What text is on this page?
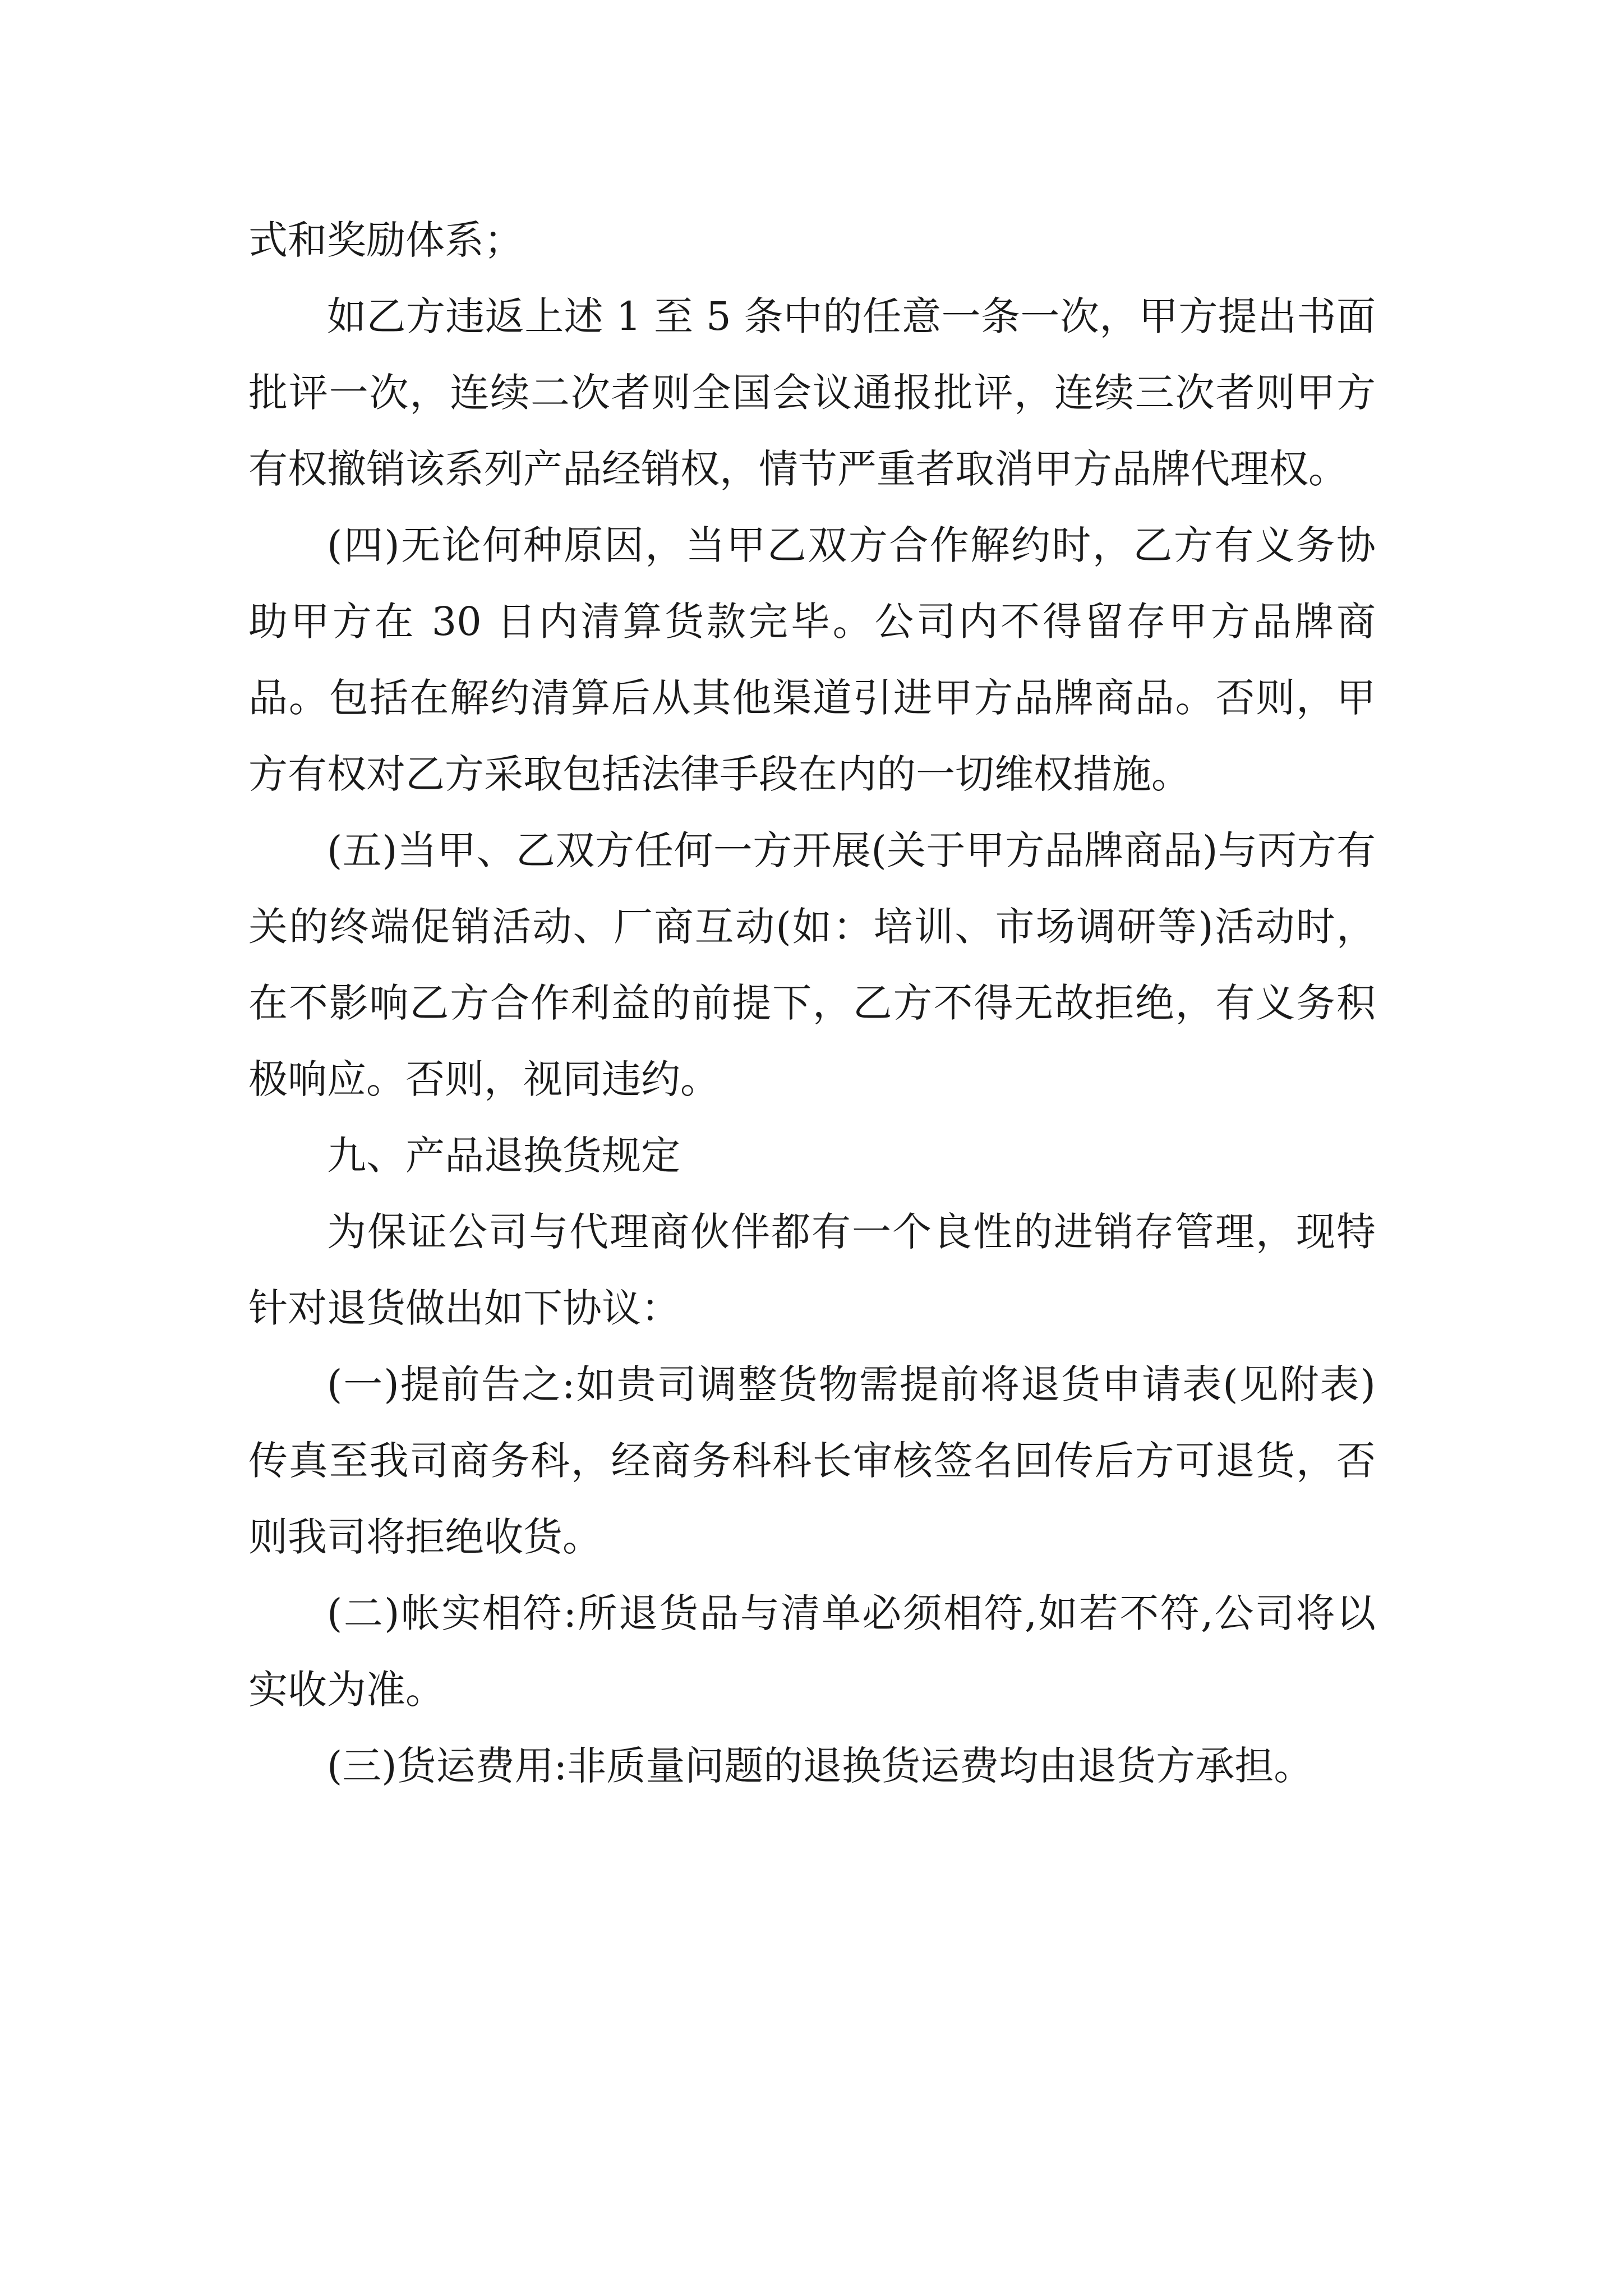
式和奖励体系；

如乙方违返上述 1 至 5 条中的任意一条一次，甲方提出书面批评一次，连续二次者则全国会议通报批评，连续三次者则甲方有权撤销该系列产品经销权，情节严重者取消甲方品牌代理权。

(四)无论何种原因，当甲乙双方合作解约时，乙方有义务协助甲方在 30 日内清算货款完毕。公司内不得留存甲方品牌商品。包括在解约清算后从其他渠道引进甲方品牌商品。否则，甲方有权对乙方采取包括法律手段在内的一切维权措施。

(五)当甲、乙双方任何一方开展(关于甲方品牌商品)与丙方有关的终端促销活动、厂商互动(如：培训、市场调研等)活动时，在不影响乙方合作利益的前提下，乙方不得无故拒绝，有义务积极响应。否则，视同违约。

九、产品退换货规定

为保证公司与代理商伙伴都有一个良性的进销存管理，现特针对退货做出如下协议：

(一)提前告之:如贵司调整货物需提前将退货申请表(见附表)传真至我司商务科，经商务科科长审核签名回传后方可退货，否则我司将拒绝收货。

(二)帐实相符:所退货品与清单必须相符,如若不符,公司将以实收为准。

(三)货运费用:非质量问题的退换货运费均由退货方承担。
